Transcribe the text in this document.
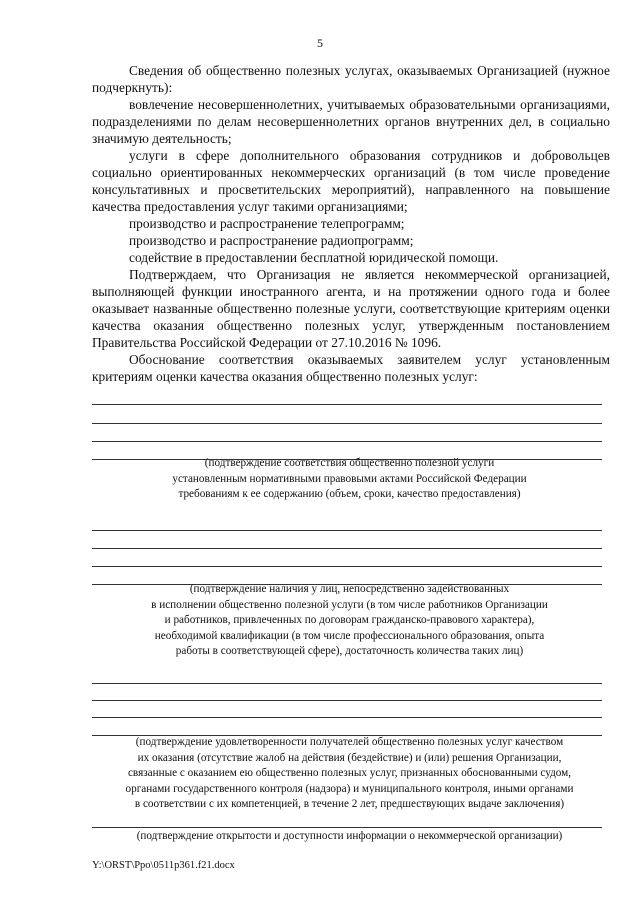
5

Сведения об общественно полезных услугах, оказываемых Организацией (нужное подчеркнуть):

вовлечение несовершеннолетних, учитываемых образовательными организациями, подразделениями по делам несовершеннолетних органов внутренних дел, в социально значимую деятельность;

услуги в сфере дополнительного образования сотрудников и добровольцев социально ориентированных некоммерческих организаций (в том числе проведение консультативных и просветительских мероприятий), направленного на повышение качества предоставления услуг такими организациями;

производство и распространение телепрограмм;

производство и распространение радиопрограмм;

содействие в предоставлении бесплатной юридической помощи.

Подтверждаем, что Организация не является некоммерческой организацией, выполняющей функции иностранного агента, и на протяжении одного года и более оказывает названные общественно полезные услуги, соответствующие критериям оценки качества оказания общественно полезных услуг, утвержденным постановлением Правительства Российской Федерации от 27.10.2016 № 1096.

Обоснование соответствия оказываемых заявителем услуг установленным критериям оценки качества оказания общественно полезных услуг:

(подтверждение соответствия общественно полезной услуги
установленным нормативными правовыми актами Российской Федерации
требованиям к ее содержанию (объем, сроки, качество предоставления)
(подтверждение наличия у лиц, непосредственно задействованных
в исполнении общественно полезной услуги (в том числе работников Организации
и работников, привлеченных по договорам гражданско-правового характера),
необходимой квалификации (в том числе профессионального образования, опыта
работы в соответствующей сфере), достаточность количества таких лиц)
(подтверждение удовлетворенности получателей общественно полезных услуг качеством
их оказания (отсутствие жалоб на действия (бездействие) и (или) решения Организации,
связанные с оказанием ею общественно полезных услуг, признанных обоснованными судом,
органами государственного контроля (надзора) и муниципального контроля, иными органами
в соответствии с их компетенцией, в течение 2 лет, предшествующих выдаче заключения)
(подтверждение открытости и доступности информации о некоммерческой организации)
Y:\ORST\Ppo\0511p361.f21.docx
